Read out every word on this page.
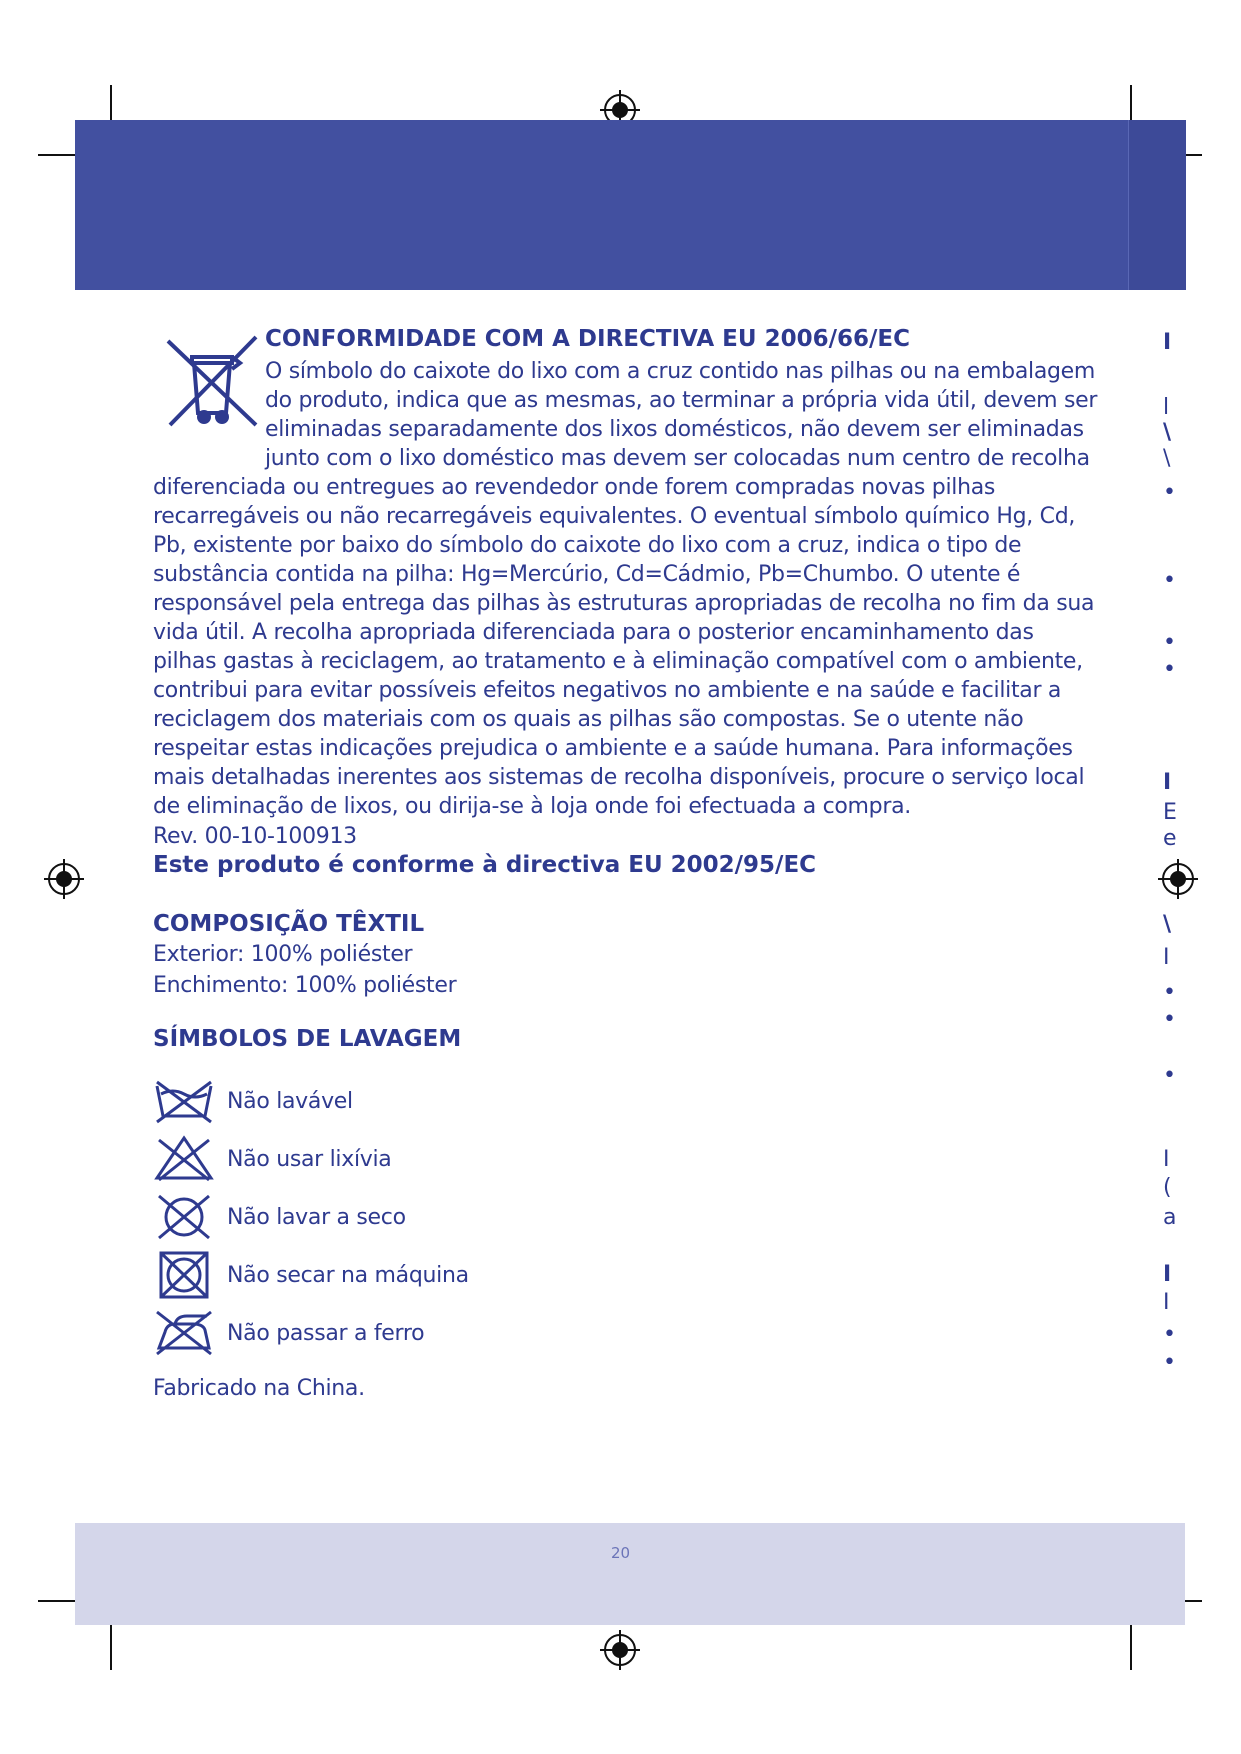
CONFORMIDADE COM A DIRECTIVA EU 2006/66/EC

O símbolo do caixote do lixo com a cruz contido nas pilhas ou na embalagem do produto, indica que as mesmas, ao terminar a própria vida útil, devem ser eliminadas separadamente dos lixos domésticos, não devem ser eliminadas junto com o lixo doméstico mas devem ser colocadas num centro de recolha diferenciada ou entregues ao revendedor onde forem compradas novas pilhas recarregáveis ou não recarregáveis equivalentes. O eventual símbolo químico Hg, Cd, Pb, existente por baixo do símbolo do caixote do lixo com a cruz, indica o tipo de substância contida na pilha: Hg=Mercúrio, Cd=Cádmio, Pb=Chumbo. O utente é responsável pela entrega das pilhas às estruturas apropriadas de recolha no fim da sua vida útil. A recolha apropriada diferenciada para o posterior encaminhamento das pilhas gastas à reciclagem, ao tratamento e à eliminação compatível com o ambiente, contribui para evitar possíveis efeitos negativos no ambiente e na saúde e facilitar a reciclagem dos materiais com os quais as pilhas são compostas. Se o utente não respeitar estas indicações prejudica o ambiente e a saúde humana. Para informações mais detalhadas inerentes aos sistemas de recolha disponíveis, procure o serviço local de eliminação de lixos, ou dirija-se à loja onde foi efectuada a compra.

Rev. 00-10-100913
Este produto é conforme à directiva EU 2002/95/EC
COMPOSIÇÃO TÊXTIL
Exterior: 100% poliéster
Enchimento: 100% poliéster
SÍMBOLOS DE LAVAGEM
Não lavável
Não usar lixívia
Não lavar a seco
Não secar na máquina
Não passar a ferro
Fabricado na China.
I
l
\
\
•
•
•
•
I
E
e
\
I
•
•
•
I
(
a
I
I
•
•
20
